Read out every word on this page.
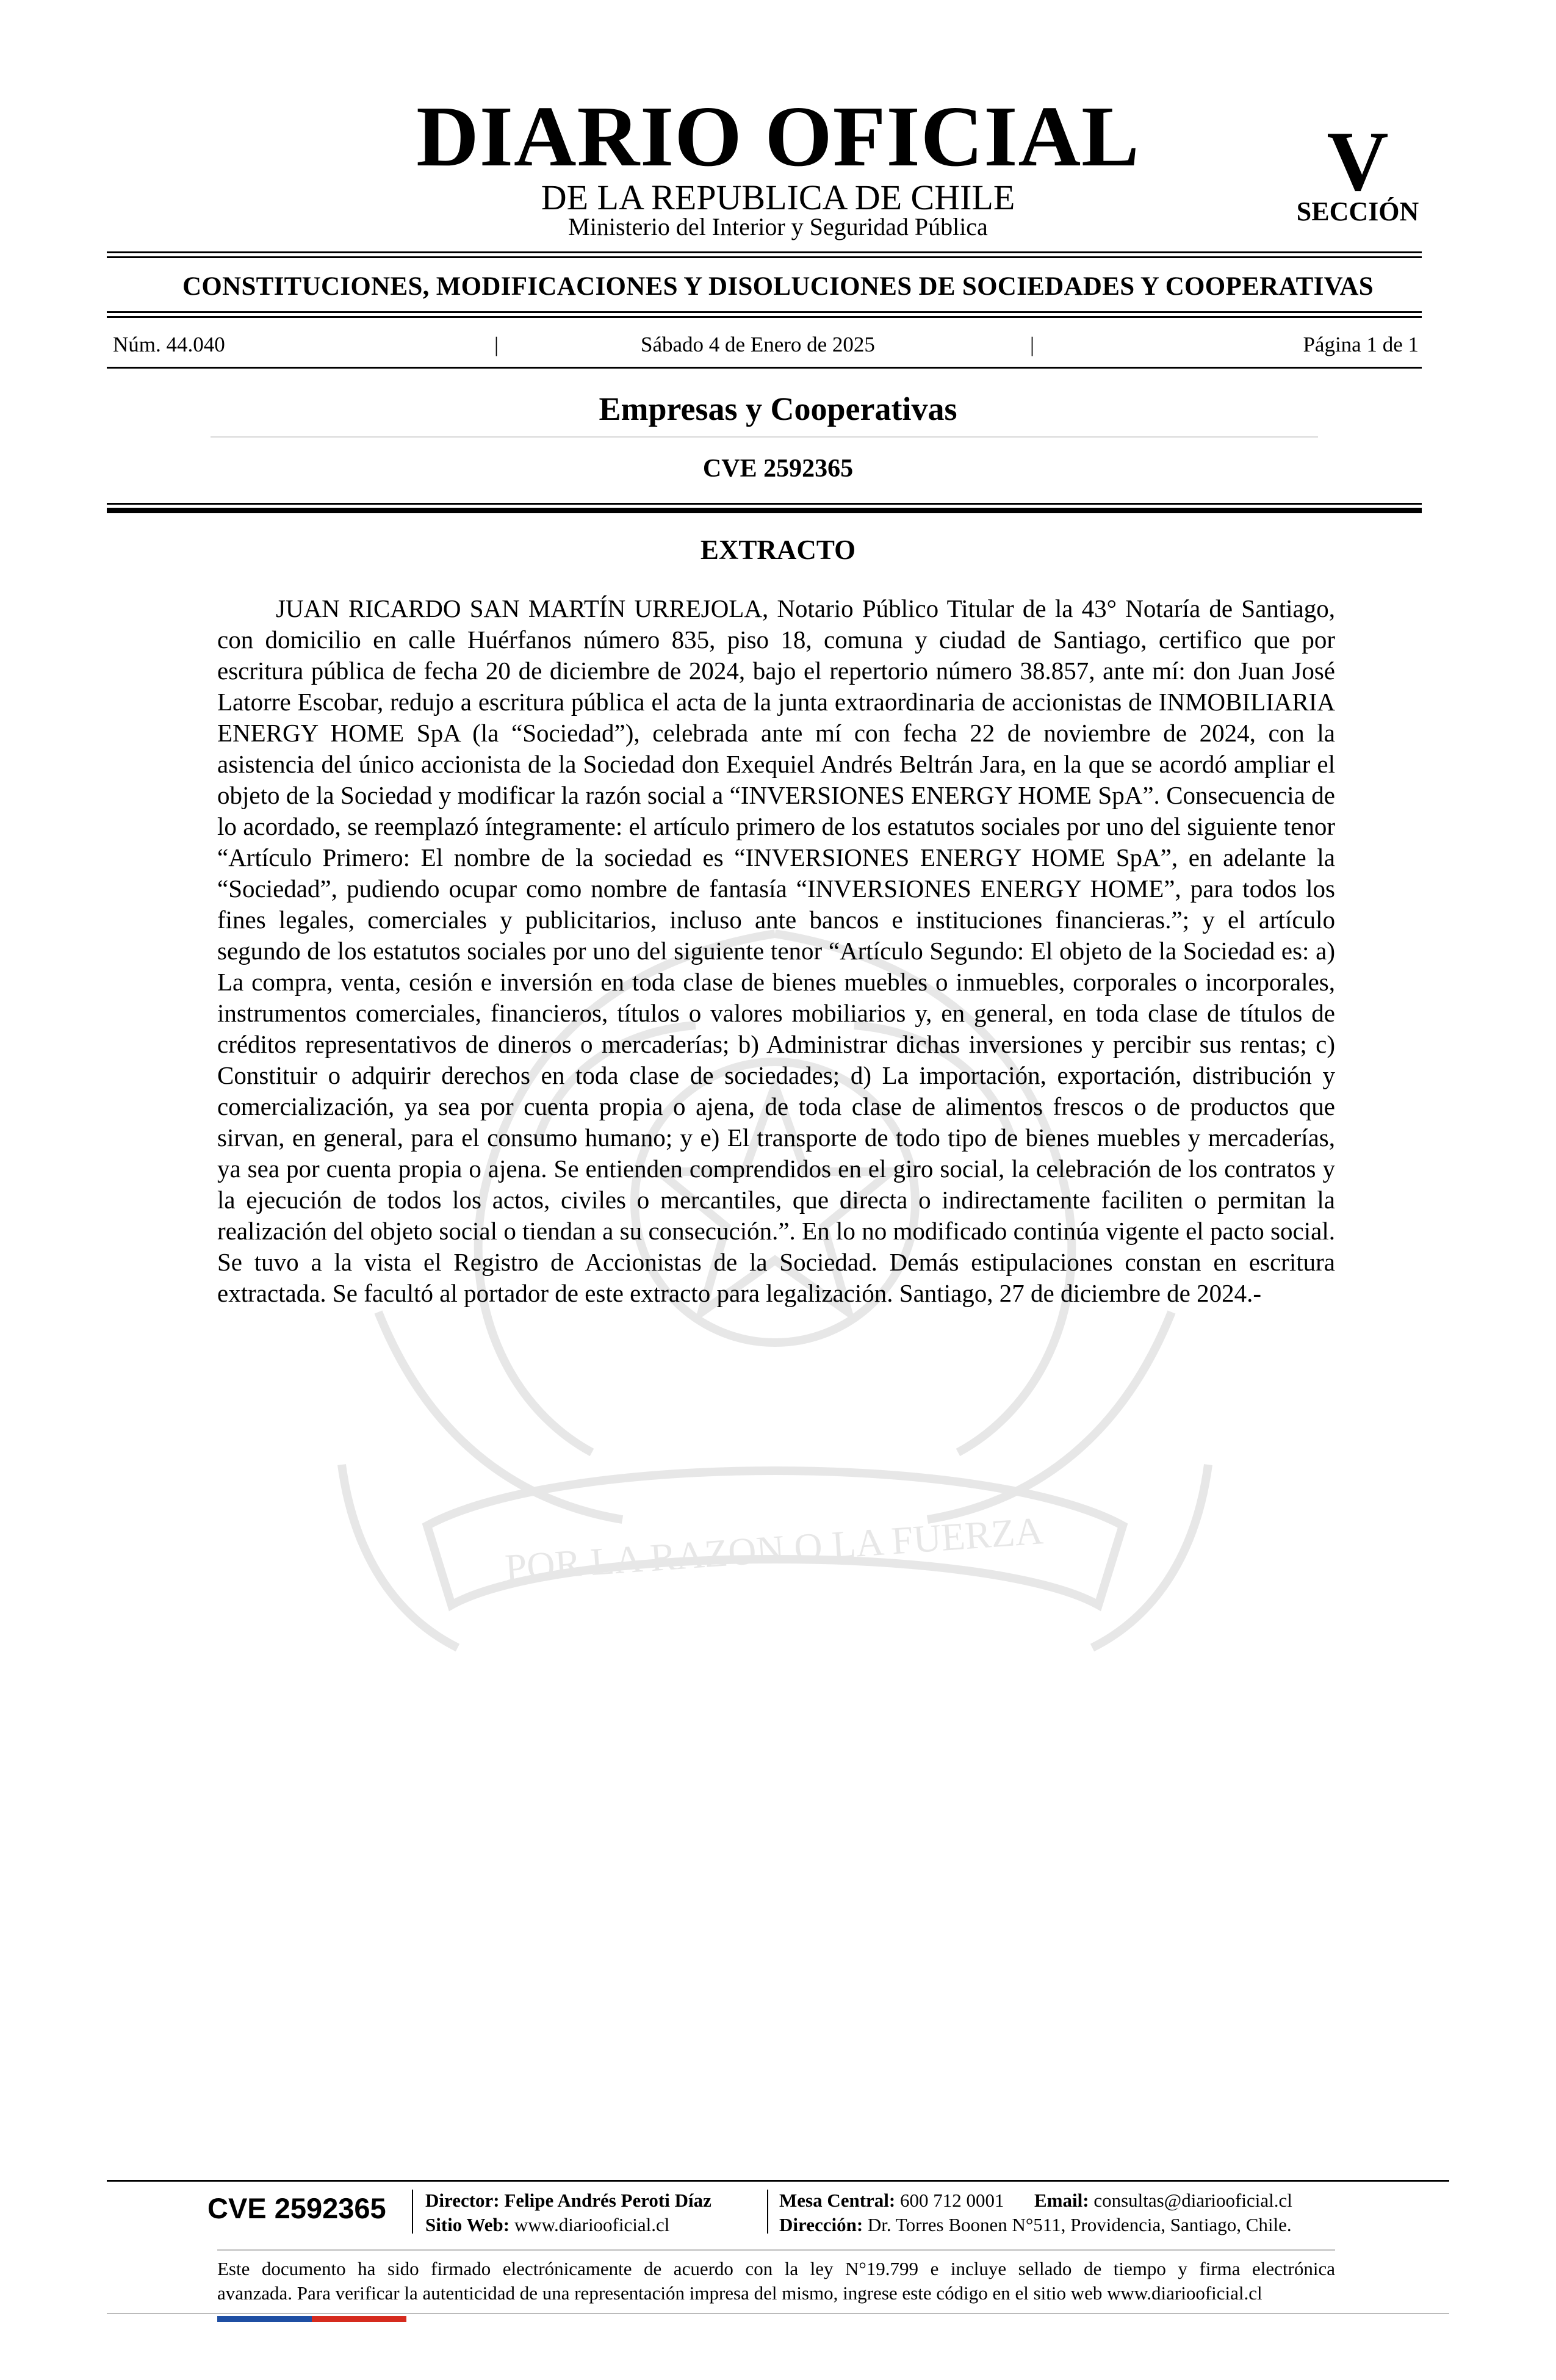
POR LA RAZON O LA FUERZA
DIARIO OFICIAL
DE LA REPUBLICA DE CHILE
Ministerio del Interior y Seguridad Pública
V
SECCIÓN
CONSTITUCIONES, MODIFICACIONES Y DISOLUCIONES DE SOCIEDADES Y COOPERATIVAS
Núm. 44.040	|	Sábado 4 de Enero de 2025	|	Página 1 de 1
Empresas y Cooperativas
CVE 2592365
EXTRACTO

JUAN RICARDO SAN MARTÍN URREJOLA, Notario Público Titular de la 43° Notaría de Santiago, con domicilio en calle Huérfanos número 835, piso 18, comuna y ciudad de Santiago, certifico que por escritura pública de fecha 20 de diciembre de 2024, bajo el repertorio número 38.857, ante mí: don Juan José Latorre Escobar, redujo a escritura pública el acta de la junta extraordinaria de accionistas de INMOBILIARIA ENERGY HOME SpA (la “Sociedad”), celebrada ante mí con fecha 22 de noviembre de 2024, con la asistencia del único accionista de la Sociedad don Exequiel Andrés Beltrán Jara, en la que se acordó ampliar el objeto de la Sociedad y modificar la razón social a “INVERSIONES ENERGY HOME SpA”. Consecuencia de lo acordado, se reemplazó íntegramente: el artículo primero de los estatutos sociales por uno del siguiente tenor “Artículo Primero: El nombre de la sociedad es “INVERSIONES ENERGY HOME SpA”, en adelante la “Sociedad”, pudiendo ocupar como nombre de fantasía “INVERSIONES ENERGY HOME”, para todos los fines legales, comerciales y publicitarios, incluso ante bancos e instituciones financieras.”; y el artículo segundo de los estatutos sociales por uno del siguiente tenor “Artículo Segundo: El objeto de la Sociedad es: a) La compra, venta, cesión e inversión en toda clase de bienes muebles o inmuebles, corporales o incorporales, instrumentos comerciales, financieros, títulos o valores mobiliarios y, en general, en toda clase de títulos de créditos representativos de dineros o mercaderías; b) Administrar dichas inversiones y percibir sus rentas; c) Constituir o adquirir derechos en toda clase de sociedades; d) La importación, exportación, distribución y comercialización, ya sea por cuenta propia o ajena, de toda clase de alimentos frescos o de productos que sirvan, en general, para el consumo humano; y e) El transporte de todo tipo de bienes muebles y mercaderías, ya sea por cuenta propia o ajena. Se entienden comprendidos en el giro social, la celebración de los contratos y la ejecución de todos los actos, civiles o mercantiles, que directa o indirectamente faciliten o permitan la realización del objeto social o tiendan a su consecución.”. En lo no modificado continúa vigente el pacto social. Se tuvo a la vista el Registro de Accionistas de la Sociedad. Demás estipulaciones constan en escritura extractada. Se facultó al portador de este extracto para legalización. Santiago, 27 de diciembre de 2024.-

CVE 2592365 Director: Felipe Andrés Peroti Díaz
Sitio Web: www.diariooficial.cl
Mesa Central: 600 712 0001 Email: consultas@diariooficial.cl
Dirección: Dr. Torres Boonen N°511, Providencia, Santiago, Chile.

Este documento ha sido firmado electrónicamente de acuerdo con la ley N°19.799 e incluye sellado de tiempo y firma electrónica

avanzada. Para verificar la autenticidad de una representación impresa del mismo, ingrese este código en el sitio web www.diariooficial.cl
